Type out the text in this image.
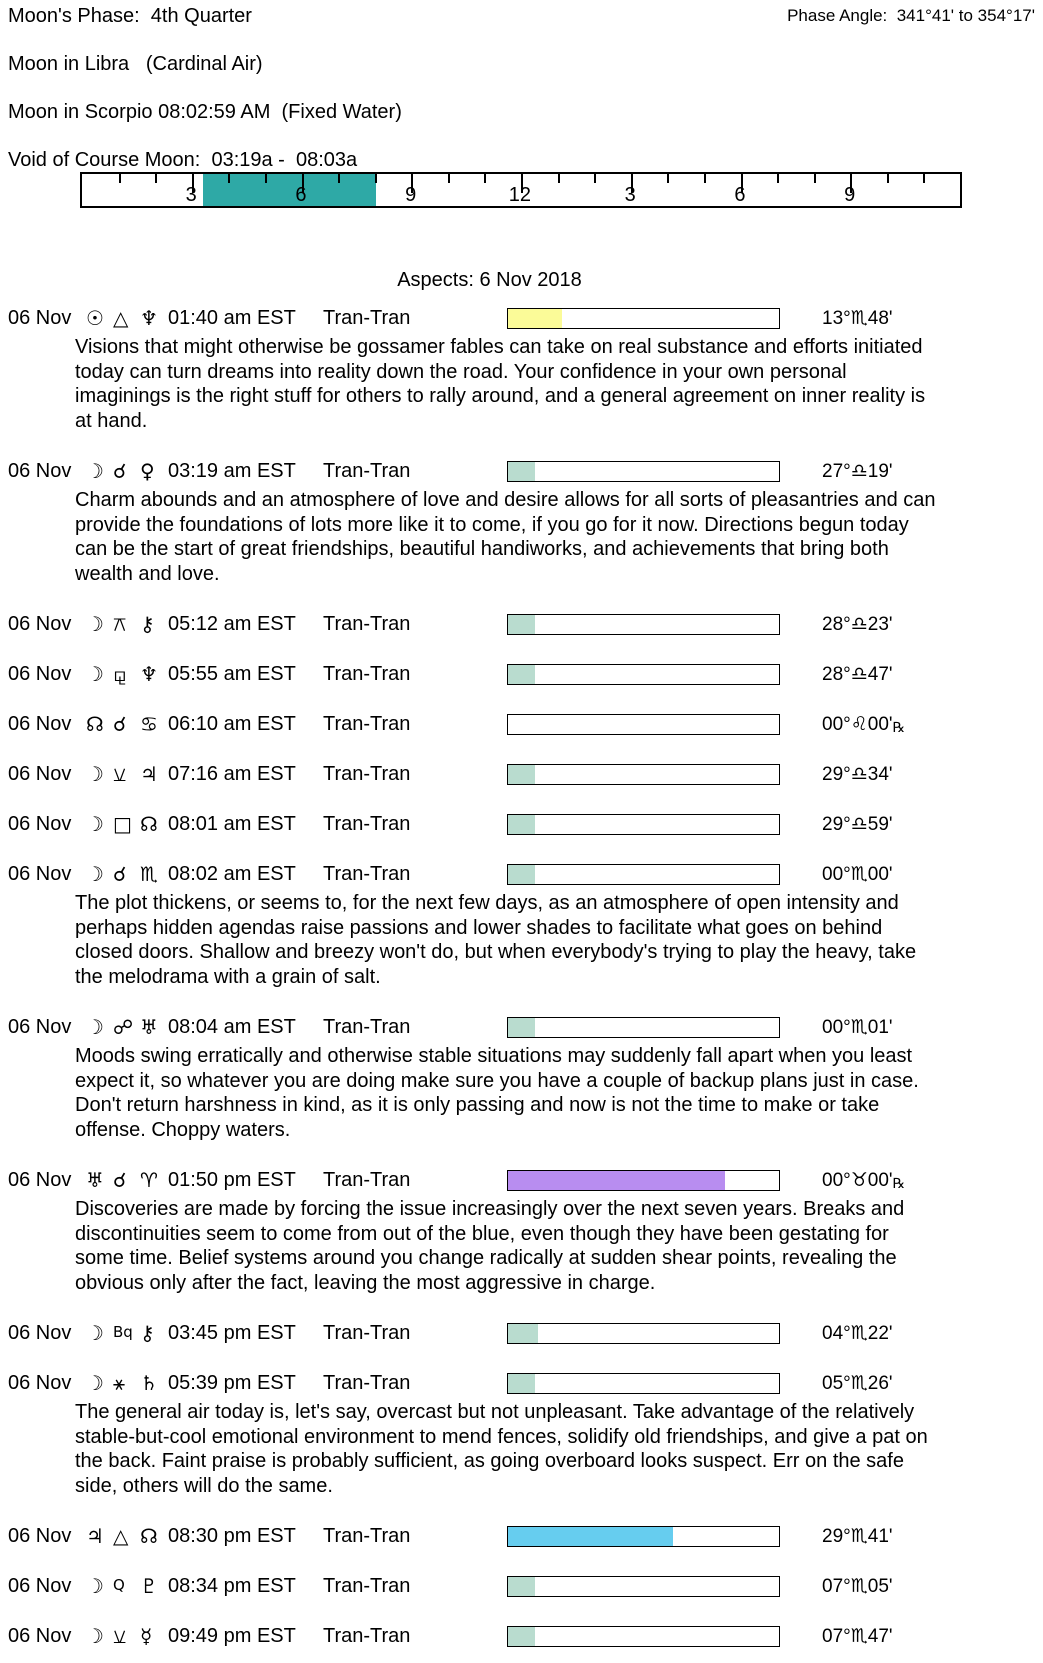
Moon's Phase:  4th Quarter	Phase Angle:  341°41' to 354°17'
Moon in Libra   (Cardinal Air)
Moon in Scorpio 08:02:59 AM  (Fixed Water)
Void of Course Moon:  03:19a -  08:03a
3	6	9	12	3	6	9
Aspects: 6 Nov 2018
06 Nov ☉ △ ♆ 01:40 am EST	Tran-Tran	13°♏48'

Visions that might otherwise be gossamer fables can take on real substance and efforts initiated today can turn dreams into reality down the road. Your confidence in your own personal imaginings is the right stuff for others to rally around, and a general agreement on inner reality is at hand.

06 Nov ☽ ☌ ♀ 03:19 am EST	Tran-Tran	27°♎19'

Charm abounds and an atmosphere of love and desire allows for all sorts of pleasantries and can provide the foundations of lots more like it to come, if you go for it now. Directions begun today can be the start of great friendships, beautiful handiworks, and achievements that bring both wealth and love.

06 Nov ☽ ⚻ ⚷ 05:12 am EST	Tran-Tran	28°♎23'
06 Nov ☽ ⚼ ♆ 05:55 am EST	Tran-Tran	28°♎47'
06 Nov ☊ ☌ ♋ 06:10 am EST	Tran-Tran	00°♌00'℞
06 Nov ☽ ⚺ ♃ 07:16 am EST	Tran-Tran	29°♎34'
06 Nov ☽ □ ☊ 08:01 am EST	Tran-Tran	29°♎59'
06 Nov ☽ ☌ ♏ 08:02 am EST	Tran-Tran	00°♏00'

The plot thickens, or seems to, for the next few days, as an atmosphere of open intensity and perhaps hidden agendas raise passions and lower shades to facilitate what goes on behind closed doors. Shallow and breezy won't do, but when everybody's trying to play the heavy, take the melodrama with a grain of salt.

06 Nov ☽ ☍ ♅ 08:04 am EST	Tran-Tran	00°♏01'

Moods swing erratically and otherwise stable situations may suddenly fall apart when you least expect it, so whatever you are doing make sure you have a couple of backup plans just in case. Don't return harshness in kind, as it is only passing and now is not the time to make or take offense. Choppy waters.

06 Nov ♅ ☌ ♈ 01:50 pm EST	Tran-Tran	00°♉00'℞

Discoveries are made by forcing the issue increasingly over the next seven years. Breaks and discontinuities seem to come from out of the blue, even though they have been gestating for some time. Belief systems around you change radically at sudden shear points, revealing the obvious only after the fact, leaving the most aggressive in charge.

06 Nov ☽ Bq ⚷ 03:45 pm EST	Tran-Tran	04°♏22'
06 Nov ☽ ⚹ ♄ 05:39 pm EST	Tran-Tran	05°♏26'

The general air today is, let's say, overcast but not unpleasant. Take advantage of the relatively stable-but-cool emotional environment to mend fences, solidify old friendships, and give a pat on the back. Faint praise is probably sufficient, as going overboard looks suspect. Err on the safe side, others will do the same.

06 Nov ♃ △ ☊ 08:30 pm EST	Tran-Tran	29°♏41'
06 Nov ☽ Q ♇ 08:34 pm EST	Tran-Tran	07°♏05'
06 Nov ☽ ⚺ ☿ 09:49 pm EST	Tran-Tran	07°♏47'
